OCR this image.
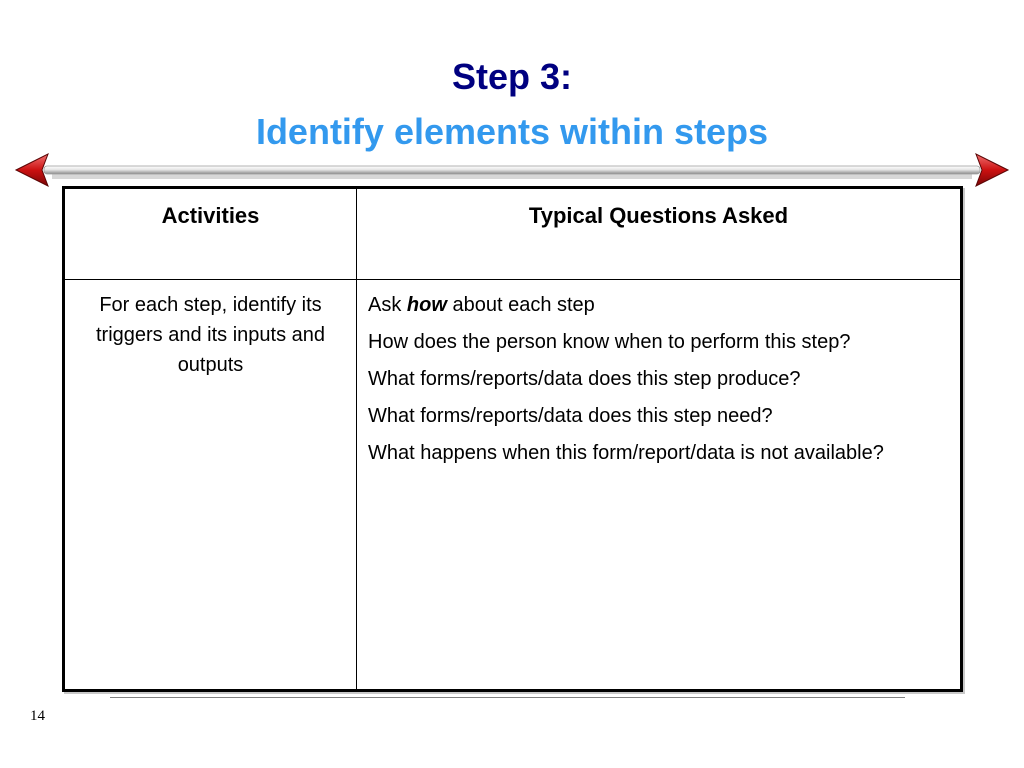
Step 3:
Identify elements within steps
Activities	Typical Questions Asked
For each step, identify its triggers and its inputs and outputs

Ask how about each step

How does the person know when to perform this step?

What forms/reports/data does this step produce?

What forms/reports/data does this step need?

What happens when this form/report/data is not available?

14
